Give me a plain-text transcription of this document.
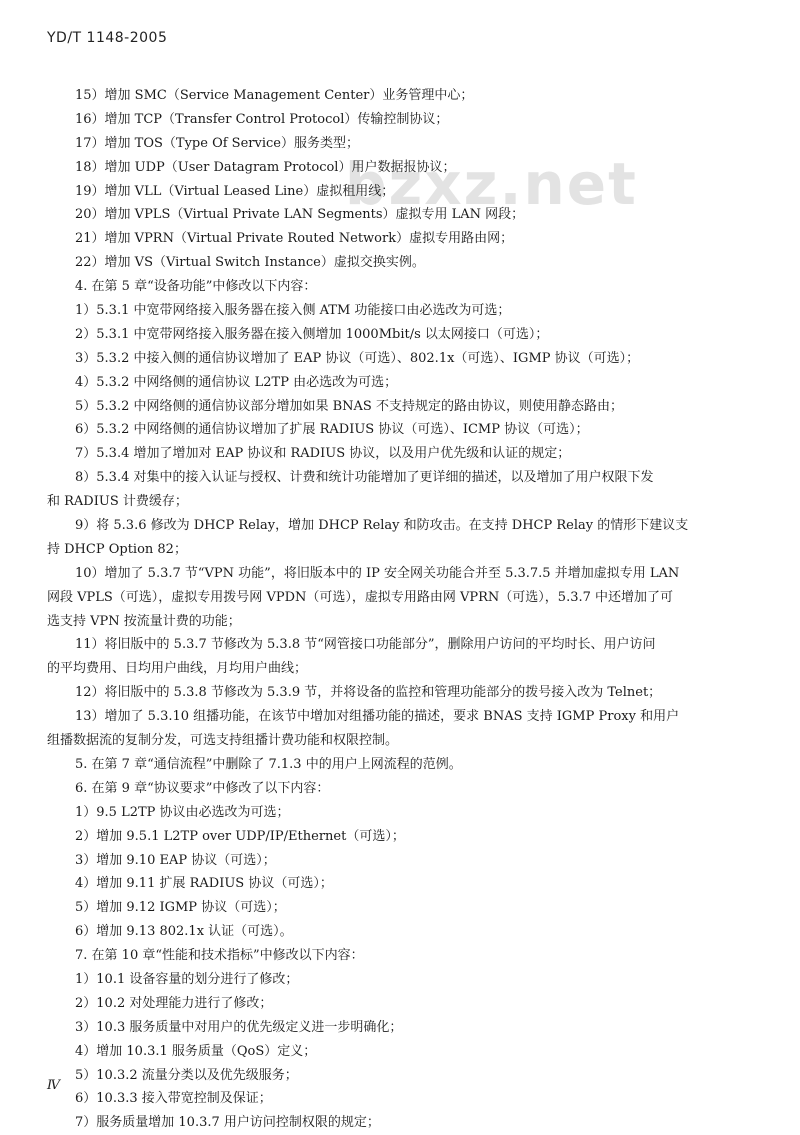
YD/T 1148-2005
bzxz.net
15）增加 SMC（Service Management Center）业务管理中心；
16）增加 TCP（Transfer Control Protocol）传输控制协议；
17）增加 TOS（Type Of Service）服务类型；
18）增加 UDP（User Datagram Protocol）用户数据报协议；
19）增加 VLL（Virtual Leased Line）虚拟租用线；
20）增加 VPLS（Virtual Private LAN Segments）虚拟专用 LAN 网段；
21）增加 VPRN（Virtual Private Routed Network）虚拟专用路由网；
22）增加 VS（Virtual Switch Instance）虚拟交换实例。
4. 在第 5 章“设备功能”中修改以下内容：
1）5.3.1 中宽带网络接入服务器在接入侧 ATM 功能接口由必选改为可选；
2）5.3.1 中宽带网络接入服务器在接入侧增加 1000Mbit/s 以太网接口（可选）；
3）5.3.2 中接入侧的通信协议增加了 EAP 协议（可选）、802.1x（可选）、IGMP 协议（可选）；
4）5.3.2 中网络侧的通信协议 L2TP 由必选改为可选；
5）5.3.2 中网络侧的通信协议部分增加如果 BNAS 不支持规定的路由协议，则使用静态路由；
6）5.3.2 中网络侧的通信协议增加了扩展 RADIUS 协议（可选）、ICMP 协议（可选）；
7）5.3.4 增加了增加对 EAP 协议和 RADIUS 协议，以及用户优先级和认证的规定；
8）5.3.4 对集中的接入认证与授权、计费和统计功能增加了更详细的描述，以及增加了用户权限下发
和 RADIUS 计费缓存；
9）将 5.3.6 修改为 DHCP Relay，增加 DHCP Relay 和防攻击。在支持 DHCP Relay 的情形下建议支
持 DHCP Option 82；
10）增加了 5.3.7 节“VPN 功能”，将旧版本中的 IP 安全网关功能合并至 5.3.7.5 并增加虚拟专用 LAN
网段 VPLS（可选），虚拟专用拨号网 VPDN（可选），虚拟专用路由网 VPRN（可选），5.3.7 中还增加了可
选支持 VPN 按流量计费的功能；
11）将旧版中的 5.3.7 节修改为 5.3.8 节“网管接口功能部分”，删除用户访问的平均时长、用户访问
的平均费用、日均用户曲线，月均用户曲线；
12）将旧版中的 5.3.8 节修改为 5.3.9 节，并将设备的监控和管理功能部分的拨号接入改为 Telnet；
13）增加了 5.3.10 组播功能，在该节中增加对组播功能的描述，要求 BNAS 支持 IGMP Proxy 和用户
组播数据流的复制分发，可选支持组播计费功能和权限控制。
5. 在第 7 章“通信流程”中删除了 7.1.3 中的用户上网流程的范例。
6. 在第 9 章“协议要求”中修改了以下内容：
1）9.5 L2TP 协议由必选改为可选；
2）增加 9.5.1 L2TP over UDP/IP/Ethernet（可选）；
3）增加 9.10 EAP 协议（可选）；
4）增加 9.11 扩展 RADIUS 协议（可选）；
5）增加 9.12 IGMP 协议（可选）；
6）增加 9.13 802.1x 认证（可选）。
7. 在第 10 章“性能和技术指标”中修改以下内容：
1）10.1 设备容量的划分进行了修改；
2）10.2 对处理能力进行了修改；
3）10.3 服务质量中对用户的优先级定义进一步明确化；
4）增加 10.3.1 服务质量（QoS）定义；
5）10.3.2 流量分类以及优先级服务；
6）10.3.3 接入带宽控制及保证；
7）服务质量增加 10.3.7 用户访问控制权限的规定；
Ⅳ
